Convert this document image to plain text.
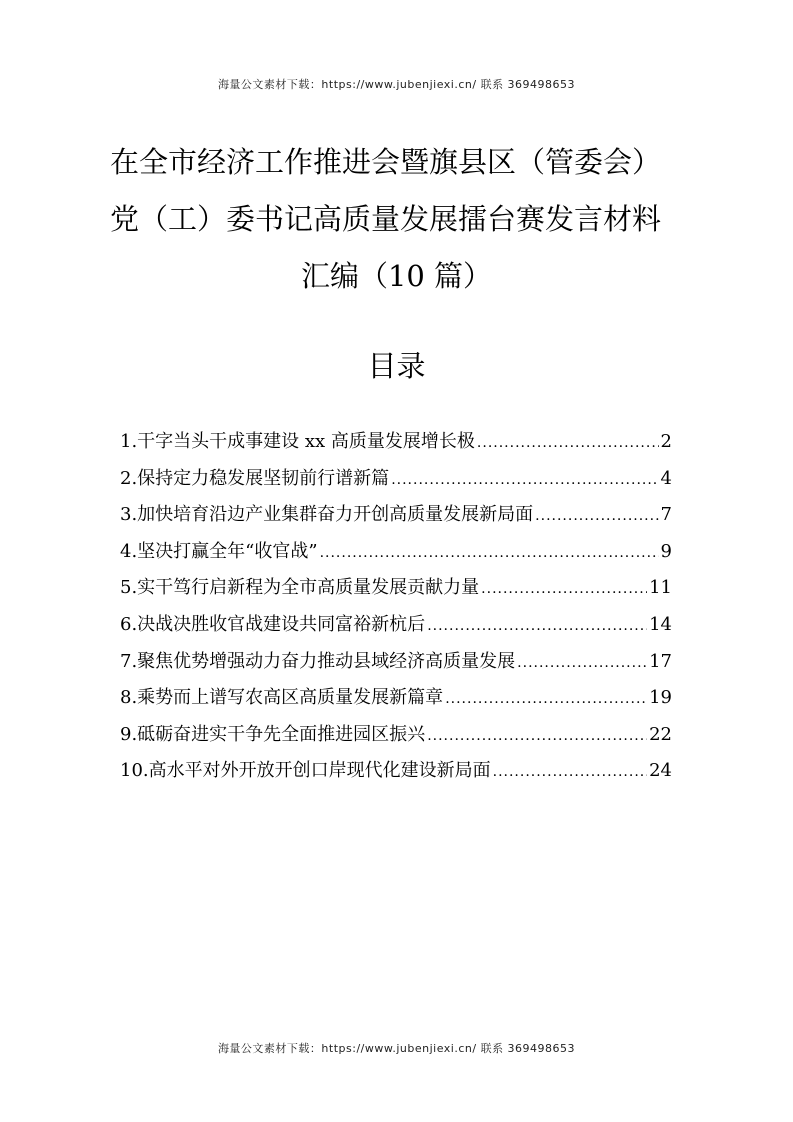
海量公文素材下载：https://www.jubenjiexi.cn/ 联系 369498653
在全市经济工作推进会暨旗县区（管委会）
党（工）委书记高质量发展擂台赛发言材料
汇编（10 篇）
目录
1.干字当头干成事建设 xx 高质量发展增长极 .....	2
2.保持定力稳发展坚韧前行谱新篇 .....	4
3.加快培育沿边产业集群奋力开创高质量发展新局面 .....	7
4.坚决打赢全年“收官战” .....	9
5.实干笃行启新程为全市高质量发展贡献力量 .....	11
6.决战决胜收官战建设共同富裕新杭后 .....	14
7.聚焦优势增强动力奋力推动县域经济高质量发展 .....	17
8.乘势而上谱写农高区高质量发展新篇章 .....	19
9.砥砺奋进实干争先全面推进园区振兴 .....	22
10.高水平对外开放开创口岸现代化建设新局面 .....	24
海量公文素材下载：https://www.jubenjiexi.cn/ 联系 369498653
